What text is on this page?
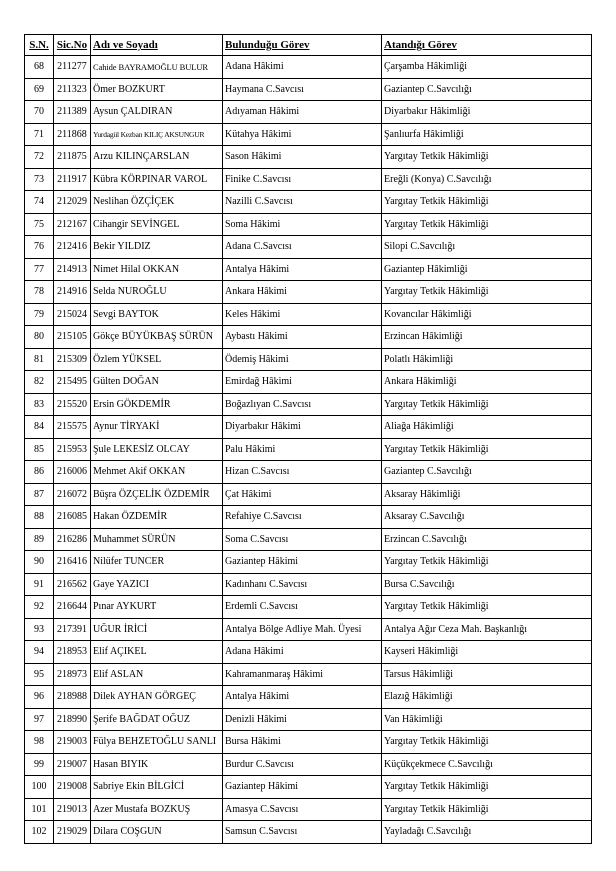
S.N.	Sic.No	Adı ve Soyadı	Bulunduğu Görev	Atandığı Görev
68	211277	Cahide BAYRAMOĞLU BULUR	Adana Hâkimi	Çarşamba Hâkimliği
69	211323	Ömer BOZKURT	Haymana C.Savcısı	Gaziantep C.Savcılığı
70	211389	Aysun ÇALDIRAN	Adıyaman Hâkimi	Diyarbakır Hâkimliği
71	211868	Yurdagül Kezban KILIÇ AKSUNGUR	Kütahya Hâkimi	Şanlıurfa Hâkimliği
72	211875	Arzu KILINÇARSLAN	Sason Hâkimi	Yargıtay Tetkik Hâkimliği
73	211917	Kübra KÖRPINAR VAROL	Finike C.Savcısı	Ereğli (Konya) C.Savcılığı
74	212029	Neslihan ÖZÇİÇEK	Nazilli C.Savcısı	Yargıtay Tetkik Hâkimliği
75	212167	Cihangir SEVİNGEL	Soma Hâkimi	Yargıtay Tetkik Hâkimliği
76	212416	Bekir YILDIZ	Adana C.Savcısı	Silopi C.Savcılığı
77	214913	Nimet Hilal OKKAN	Antalya Hâkimi	Gaziantep Hâkimliği
78	214916	Selda NUROĞLU	Ankara Hâkimi	Yargıtay Tetkik Hâkimliği
79	215024	Sevgi BAYTOK	Keles Hâkimi	Kovancılar Hâkimliği
80	215105	Gökçe BÜYÜKBAŞ SÜRÜN	Aybastı Hâkimi	Erzincan Hâkimliği
81	215309	Özlem YÜKSEL	Ödemiş Hâkimi	Polatlı Hâkimliği
82	215495	Gülten DOĞAN	Emirdağ Hâkimi	Ankara Hâkimliği
83	215520	Ersin GÖKDEMİR	Boğazlıyan C.Savcısı	Yargıtay Tetkik Hâkimliği
84	215575	Aynur TİRYAKİ	Diyarbakır Hâkimi	Aliağa Hâkimliği
85	215953	Şule LEKESİZ OLCAY	Palu Hâkimi	Yargıtay Tetkik Hâkimliği
86	216006	Mehmet Akif OKKAN	Hizan C.Savcısı	Gaziantep C.Savcılığı
87	216072	Büşra ÖZÇELİK ÖZDEMİR	Çat Hâkimi	Aksaray Hâkimliği
88	216085	Hakan ÖZDEMİR	Refahiye C.Savcısı	Aksaray C.Savcılığı
89	216286	Muhammet SÜRÜN	Soma C.Savcısı	Erzincan C.Savcılığı
90	216416	Nilüfer TUNCER	Gaziantep Hâkimi	Yargıtay Tetkik Hâkimliği
91	216562	Gaye YAZICI	Kadınhanı C.Savcısı	Bursa C.Savcılığı
92	216644	Pınar AYKURT	Erdemli C.Savcısı	Yargıtay Tetkik Hâkimliği
93	217391	UĞUR İRİCİ	Antalya Bölge Adliye Mah. Üyesi	Antalya Ağır Ceza Mah. Başkanlığı
94	218953	Elif AÇIKEL	Adana Hâkimi	Kayseri Hâkimliği
95	218973	Elif ASLAN	Kahramanmaraş Hâkimi	Tarsus Hâkimliği
96	218988	Dilek AYHAN GÖRGEÇ	Antalya Hâkimi	Elazığ Hâkimliği
97	218990	Şerife BAĞDAT OĞUZ	Denizli Hâkimi	Van Hâkimliği
98	219003	Fülya BEHZETOĞLU SANLI	Bursa Hâkimi	Yargıtay Tetkik Hâkimliği
99	219007	Hasan BIYIK	Burdur C.Savcısı	Küçükçekmece C.Savcılığı
100	219008	Sabriye Ekin BİLGİCİ	Gaziantep Hâkimi	Yargıtay Tetkik Hâkimliği
101	219013	Azer Mustafa BOZKUŞ	Amasya C.Savcısı	Yargıtay Tetkik Hâkimliği
102	219029	Dilara COŞGUN	Samsun C.Savcısı	Yayladağı C.Savcılığı
